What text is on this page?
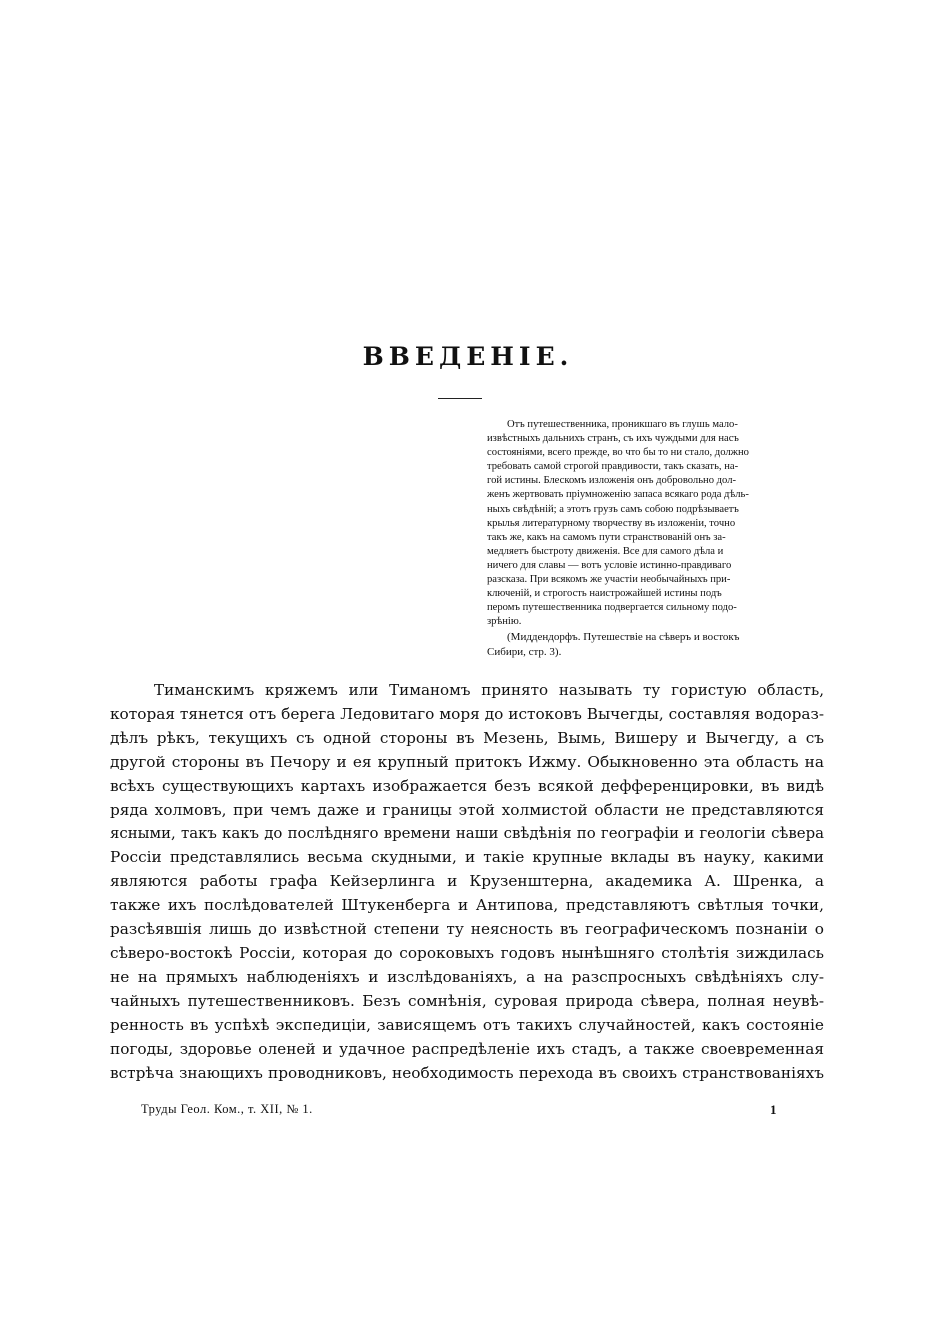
ВВЕДЕНІЕ.

Отъ путешественника, проникшаго въ глушь мало-
извѣстныхъ дальнихъ странъ, съ ихъ чуждыми для насъ
состояніями, всего прежде, во что бы то ни стало, должно
требовать самой строгой правдивости, такъ сказать, на-
гой истины. Блескомъ изложенія онъ добровольно дол-
женъ жертвовать пріумноженію запаса всякаго рода дѣль-
ныхъ свѣдѣній; а этотъ грузъ самъ собою подрѣзываетъ
крылья литературному творчеству въ изложеніи, точно
такъ же, какъ на самомъ пути странствованій онъ за-
медляетъ быстроту движенія. Все для самого дѣла и
ничего для славы — вотъ условіе истинно-правдиваго
разсказа. При всякомъ же участіи необычайныхъ при-
ключеній, и строгость наистрожайшей истины подъ
перомъ путешественника подвергается сильному подо-
зрѣнію.

(Миддендорфъ. Путешествіе на сѣверъ и востокъ
Сибири, стр. 3).

Тиманскимъ кряжемъ или Тиманомъ принято называть ту гористую область,
которая тянется отъ берега Ледовитаго моря до истоковъ Вычегды, составляя водораз-
дѣлъ рѣкъ, текущихъ съ одной стороны въ Мезень, Вымь, Вишеру и Вычегду, а съ
другой стороны въ Печору и ея крупный притокъ Ижму. Обыкновенно эта область на
всѣхъ существующихъ картахъ изображается безъ всякой дефференцировки, въ видѣ
ряда холмовъ, при чемъ даже и границы этой холмистой области не представляются
ясными, такъ какъ до послѣдняго времени наши свѣдѣнія по географіи и геологіи сѣвера
Россіи представлялись весьма скудными, и такіе крупные вклады въ науку, какими
являются работы графа Кейзерлинга и Крузенштерна, академика А. Шренка, а
также ихъ послѣдователей Штукенберга и Антипова, представляютъ свѣтлыя точки,
разсѣявшія лишь до извѣстной степени ту неясность въ географическомъ познаніи о
сѣверо-востокѣ Россіи, которая до сороковыхъ годовъ нынѣшняго столѣтія зиждилась
не на прямыхъ наблюденіяхъ и изслѣдованіяхъ, а на разспросныхъ свѣдѣніяхъ слу-
чайныхъ путешественниковъ. Безъ сомнѣнія, суровая природа сѣвера, полная неувѣ-
ренность въ успѣхѣ экспедиціи, зависящемъ отъ такихъ случайностей, какъ состояніе
погоды, здоровье оленей и удачное распредѣленіе ихъ стадъ, а также своевременная
встрѣча знающихъ проводниковъ, необходимость перехода въ своихъ странствованіяхъ
Труды Геол. Ком., т. XII, № 1.	1
